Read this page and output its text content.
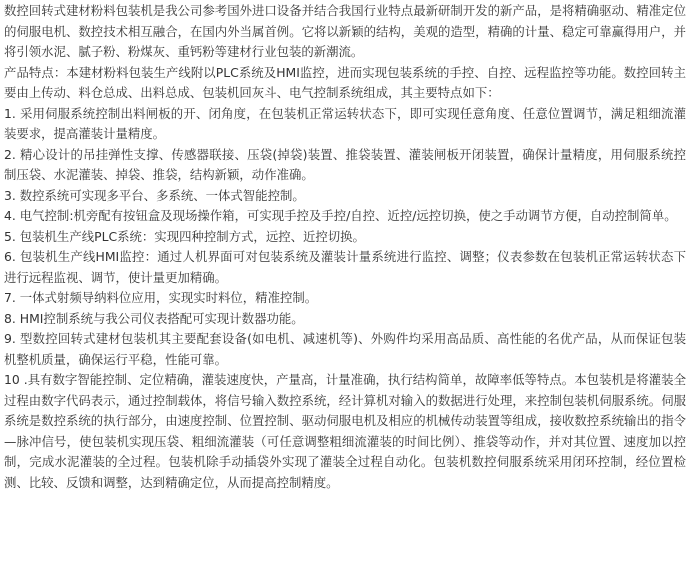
数控回转式建材粉料包装机是我公司参考国外进口设备并结合我国行业特点最新研制开发的新产品，是将精确驱动、精准定位的伺服电机、数控技术相互融合，在国内外当属首例。它将以新颖的结构，美观的造型，精确的计量、稳定可靠赢得用户，并将引领水泥、腻子粉、粉煤灰、重钙粉等建材行业包装的新潮流。

产品特点：本建材粉料包装生产线附以PLC系统及HMI监控，进而实现包装系统的手控、自控、远程监控等功能。数控回转主要由上传动、料仓总成、出料总成、包装机回灰斗、电气控制系统组成，其主要特点如下：

1. 采用伺服系统控制出料闸板的开、闭角度，在包装机正常运转状态下，即可实现任意角度、任意位置调节，满足粗细流灌装要求，提高灌装计量精度。

2. 精心设计的吊挂弹性支撑、传感器联接、压袋(掉袋)装置、推袋装置、灌装闸板开闭装置，确保计量精度，用伺服系统控制压袋、水泥灌装、掉袋、推袋，结构新颖，动作准确。

3. 数控系统可实现多平台、多系统、一体式智能控制。

4. 电气控制:机旁配有按钮盒及现场操作箱，可实现手控及手控/自控、近控/远控切换，使之手动调节方便，自动控制简单。

5. 包装机生产线PLC系统：实现四种控制方式，远控、近控切换。

6. 包装机生产线HMI监控：通过人机界面可对包装系统及灌装计量系统进行监控、调整；仪表参数在包装机正常运转状态下进行远程监视、调节，使计量更加精确。

7. 一体式射频导纳料位应用，实现实时料位，精准控制。

8. HMI控制系统与我公司仪表搭配可实现计数器功能。

9. 型数控回转式建材包装机其主要配套设备(如电机、减速机等)、外购件均采用高品质、高性能的名优产品，从而保证包装机整机质量，确保运行平稳，性能可靠。

10 .具有数字智能控制、定位精确，灌装速度快，产量高，计量准确，执行结构简单，故障率低等特点。本包装机是将灌装全过程由数字代码表示，通过控制载体，将信号输入数控系统，经计算机对输入的数据进行处理，来控制包装机伺服系统。伺服系统是数控系统的执行部分，由速度控制、位置控制、驱动伺服电机及相应的机械传动装置等组成，接收数控系统输出的指令—脉冲信号，使包装机实现压袋、粗细流灌装（可任意调整粗细流灌装的时间比例）、推袋等动作，并对其位置、速度加以控制，完成水泥灌装的全过程。包装机除手动插袋外实现了灌装全过程自动化。包装机数控伺服系统采用闭环控制，经位置检测、比较、反馈和调整，达到精确定位，从而提高控制精度。
